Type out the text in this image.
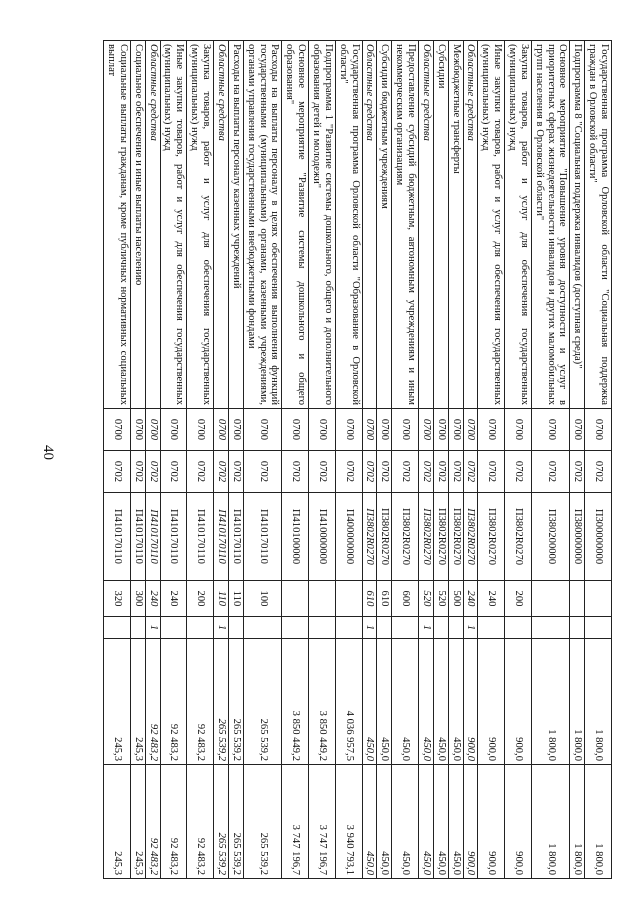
40
Государственная программа Орловской области "Социальная поддержка граждан в Орловской области"	0700	0702	П300000000			1 800,0	1 800,0
Подпрограмма 8 "Социальная поддержка инвалидов (доступная среда)"	0700	0702	П380000000			1 800,0	1 800,0
Основное мероприятие "Повышение уровня доступности и услуг в приоритетных сферах жизнедеятельности инвалидов и других маломобильных групп населения в Орловской области"	0700	0702	П380200000			1 800,0	1 800,0
Закупка товаров, работ и услуг для обеспечения государственных (муниципальных) нужд	0700	0702	П3802R0270	200		900,0	900,0
Иные закупки товаров, работ и услуг для обеспечения государственных (муниципальных) нужд	0700	0702	П3802R0270	240		900,0	900,0
Областные средства	0700	0702	П3802R0270	240	1	900,0	900,0
Межбюджетные трансферты	0700	0702	П3802R0270	500		450,0	450,0
Субсидии	0700	0702	П3802R0270	520		450,0	450,0
Областные средства	0700	0702	П3802R0270	520	1	450,0	450,0
Предоставление субсидий бюджетным, автономным учреждениям и иным некоммерческим организациям	0700	0702	П3802R0270	600		450,0	450,0
Субсидии бюджетным учреждениям	0700	0702	П3802R0270	610		450,0	450,0
Областные средства	0700	0702	П3802R0270	610	1	450,0	450,0
Государственная программа Орловской области "Образование в Орловской области"	0700	0702	П400000000			4 036 957,5	3 940 793,1
Подпрограмма 1 "Развитие системы дошкольного, общего и дополнительного образования детей и молодежи"	0700	0702	П410000000			3 850 449,2	3 747 196,7
Основное мероприятие "Развитие системы дошкольного и общего образования"	0700	0702	П410100000			3 850 449,2	3 747 196,7
Расходы на выплаты персоналу в целях обеспечения выполнения функций государственными (муниципальными) органами, казенными учреждениями, органами управления государственными внебюджетными фондами	0700	0702	П410170110	100		265 539,2	265 539,2
Расходы на выплаты персоналу казенных учреждений	0700	0702	П410170110	110		265 539,2	265 539,2
Областные средства	0700	0702	П410170110	110	1	265 539,2	265 539,2
Закупка товаров, работ и услуг для обеспечения государственных (муниципальных) нужд	0700	0702	П410170110	200		92 483,2	92 483,2
Иные закупки товаров, работ и услуг для обеспечения государственных (муниципальных) нужд	0700	0702	П410170110	240		92 483,2	92 483,2
Областные средства	0700	0702	П410170110	240	1	92 483,2	92 483,2
Социальное обеспечение и иные выплаты населению	0700	0702	П410170110	300		245,3	245,3
Социальные выплаты гражданам, кроме публичных нормативных социальных выплат	0700	0702	П410170110	320		245,3	245,3
